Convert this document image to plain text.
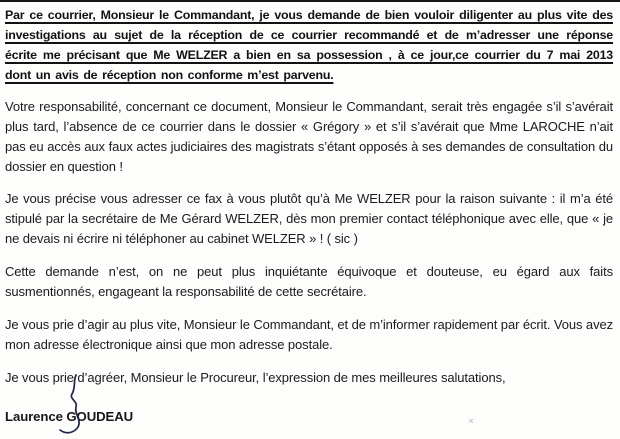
Par ce courrier, Monsieur le Commandant, je vous demande de bien vouloir diligenter au plus vite des investigations au sujet de la réception de ce courrier recommandé et de m’adresser une réponse écrite me précisant que Me WELZER a bien en sa possession , à ce jour,ce courrier du 7 mai 2013 dont un avis de réception non conforme m’est parvenu.

Votre responsabilité, concernant ce document, Monsieur le Commandant, serait très engagée s’il s’avérait plus tard, l’absence de ce courrier dans le dossier « Grégory » et s’il s’avérait que Mme LAROCHE n’ait pas eu accès aux faux actes judiciaires des magistrats s’étant opposés à ses demandes de consultation du dossier en question !

Je vous précise vous adresser ce fax à vous plutôt qu’à Me WELZER pour la raison suivante : il m’a été stipulé par la secrétaire de Me Gérard WELZER, dès mon premier contact téléphonique avec elle, que « je ne devais ni écrire ni téléphoner au cabinet WELZER » ! ( sic )

Cette demande n’est, on ne peut plus inquiétante équivoque et douteuse, eu égard aux faits susmentionnés, engageant la responsabilité de cette secrétaire.

Je vous prie d’agir au plus vite, Monsieur le Commandant, et de m’informer rapidement par écrit. Vous avez mon adresse électronique ainsi que mon adresse postale.

Je vous prie d’agréer, Monsieur le Procureur, l’expression de mes meilleures salutations,

Laurence GOUDEAU	×
